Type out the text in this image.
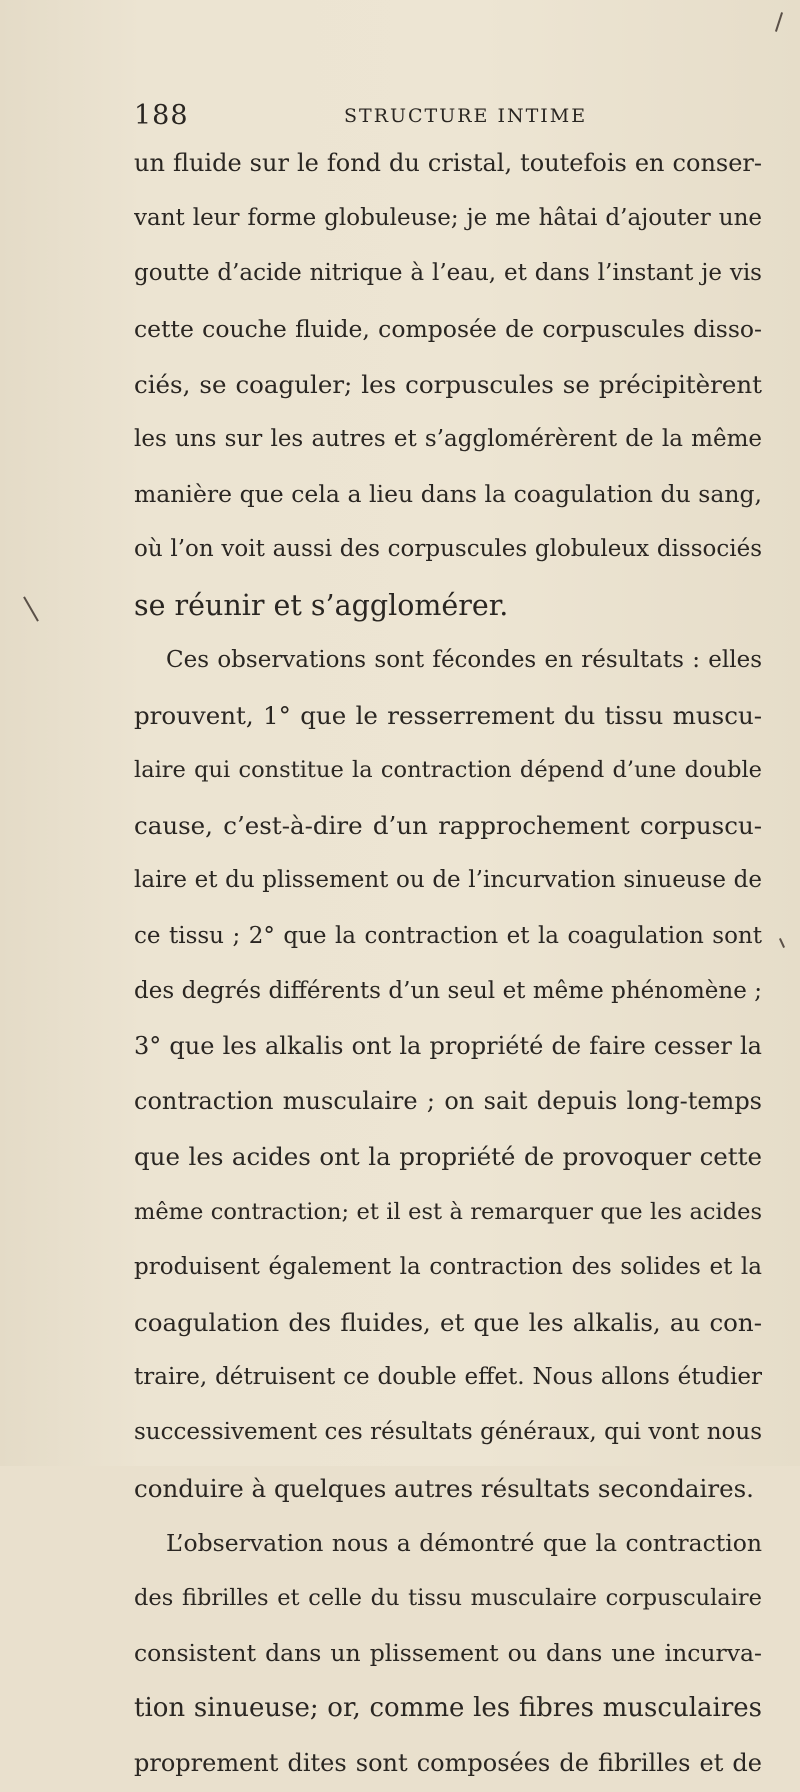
188	STRUCTURE INTIME
un fluide sur le fond du cristal, toutefois en conser-
vant leur forme globuleuse; je me hâtai d’ajouter une
goutte d’acide nitrique à l’eau, et dans l’instant je vis
cette couche fluide, composée de corpuscules disso-
ciés, se coaguler; les corpuscules se précipitèrent
les uns sur les autres et s’agglomérèrent de la même
manière que cela a lieu dans la coagulation du sang,
où l’on voit aussi des corpuscules globuleux dissociés
se réunir et s’agglomérer.
Ces observations sont fécondes en résultats : elles
prouvent, 1° que le resserrement du tissu muscu-
laire qui constitue la contraction dépend d’une double
cause, c’est-à-dire d’un rapprochement corpuscu-
laire et du plissement ou de l’incurvation sinueuse de
ce tissu ; 2° que la contraction et la coagulation sont
des degrés différents d’un seul et même phénomène ;
3° que les alkalis ont la propriété de faire cesser la
contraction musculaire ; on sait depuis long-temps
que les acides ont la propriété de provoquer cette
même contraction; et il est à remarquer que les acides
produisent également la contraction des solides et la
coagulation des fluides, et que les alkalis, au con-
traire, détruisent ce double effet. Nous allons étudier
successivement ces résultats généraux, qui vont nous
conduire à quelques autres résultats secondaires.
L’observation nous a démontré que la contraction
des fibrilles et celle du tissu musculaire corpusculaire
consistent dans un plissement ou dans une incurva-
tion sinueuse; or, comme les fibres musculaires
proprement dites sont composées de fibrilles et de
